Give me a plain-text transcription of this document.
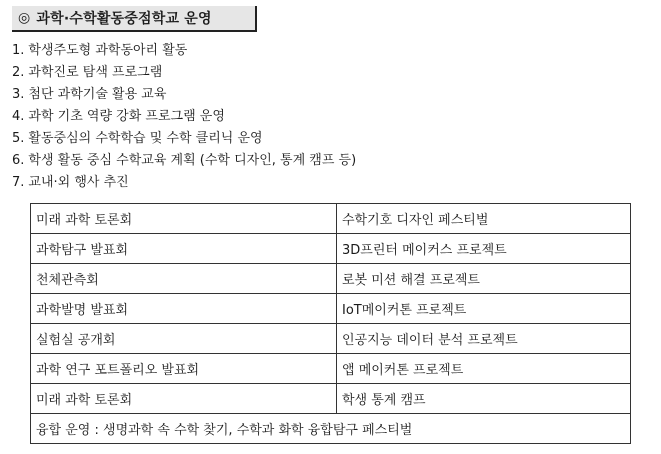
◎ 과학·수학활동중점학교 운영
1. 학생주도형 과학동아리 활동
2. 과학진로 탐색 프로그램
3. 첨단 과학기술 활용 교육
4. 과학 기초 역량 강화 프로그램 운영
5. 활동중심의 수학학습 및 수학 클리닉 운영
6. 학생 활동 중심 수학교육 계획 (수학 디자인, 통계 캠프 등)
7. 교내·외 행사 추진
미래 과학 토론회	수학기호 디자인 페스티벌
과학탐구 발표회	3D프린터 메이커스 프로젝트
천체관측회	로봇 미션 해결 프로젝트
과학발명 발표회	IoT메이커톤 프로젝트
실험실 공개회	인공지능 데이터 분석 프로젝트
과학 연구 포트폴리오 발표회	앱 메이커톤 프로젝트
미래 과학 토론회	학생 통계 캠프
융합 운영 : 생명과학 속 수학 찾기, 수학과 화학 융합탐구 페스티벌	
